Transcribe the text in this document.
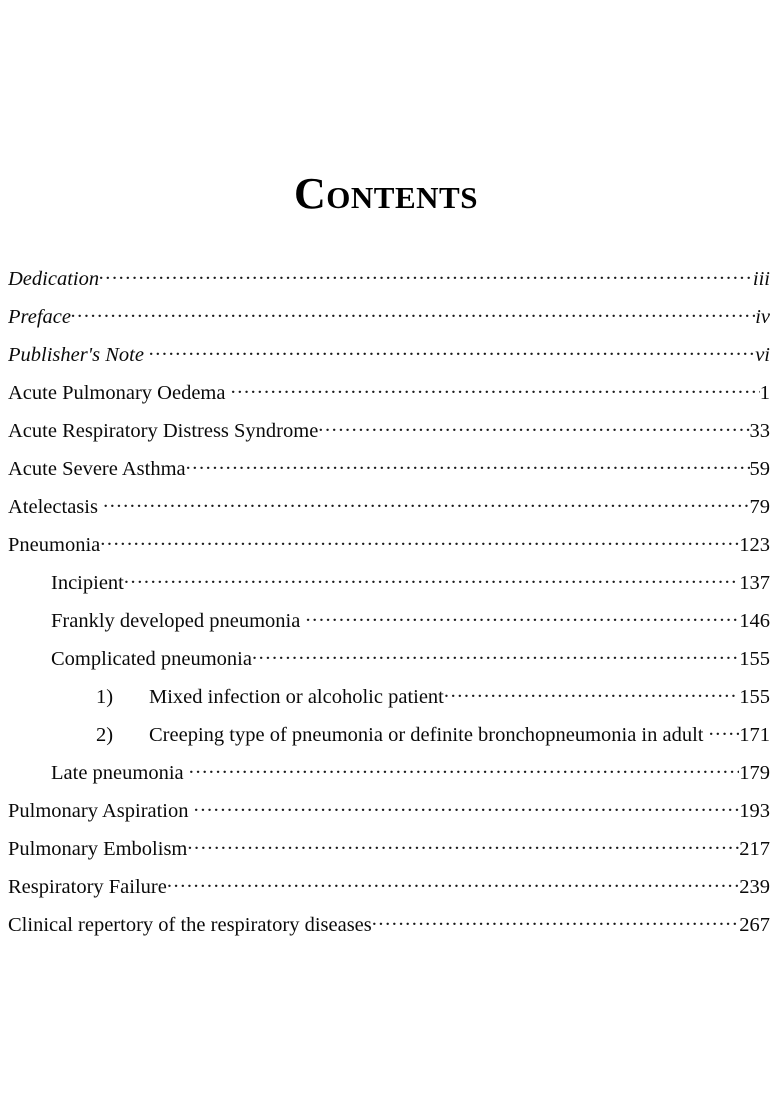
Contents
Dedication .....	iii
Preface .....	iv
Publisher's Note .....	vi
Acute Pulmonary Oedema .....	1
Acute Respiratory Distress Syndrome .....	33
Acute Severe Asthma .....	59
Atelectasis .....	79
Pneumonia .....	123
Incipient .....	137
Frankly developed pneumonia .....	146
Complicated pneumonia .....	155
1)	Mixed infection or alcoholic patient .....	155
2)	Creeping type of pneumonia or definite bronchopneumonia in adult ..... 171
Late pneumonia .....	179
Pulmonary Aspiration .....	193
Pulmonary Embolism .....	217
Respiratory Failure .....	239
Clinical repertory of the respiratory diseases .....	267
